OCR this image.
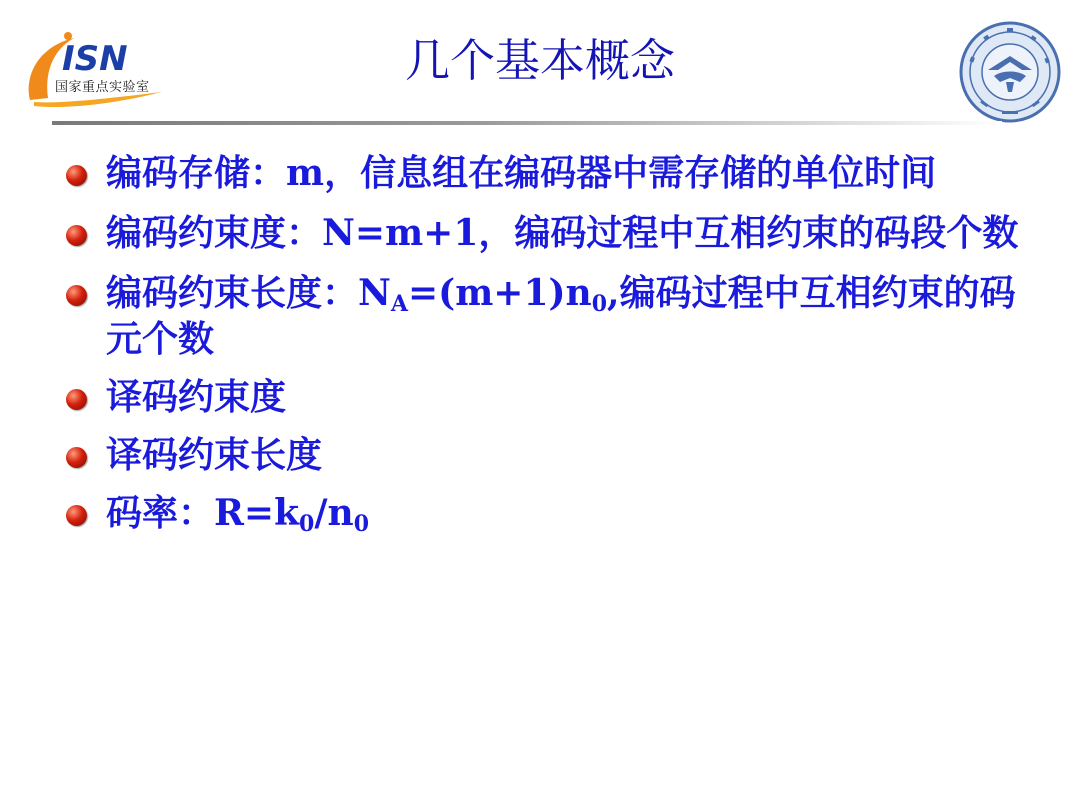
ISN
国家重点实验室
几个基本概念
编码存储：m，信息组在编码器中需存储的单位时间
编码约束度：N=m+1，编码过程中互相约束的码段个数
编码约束长度：$N_A=(m+1)n_0$,编码过程中互相约束的码元个数
译码约束度
译码约束长度
码率：$R=k_0/n_0$
